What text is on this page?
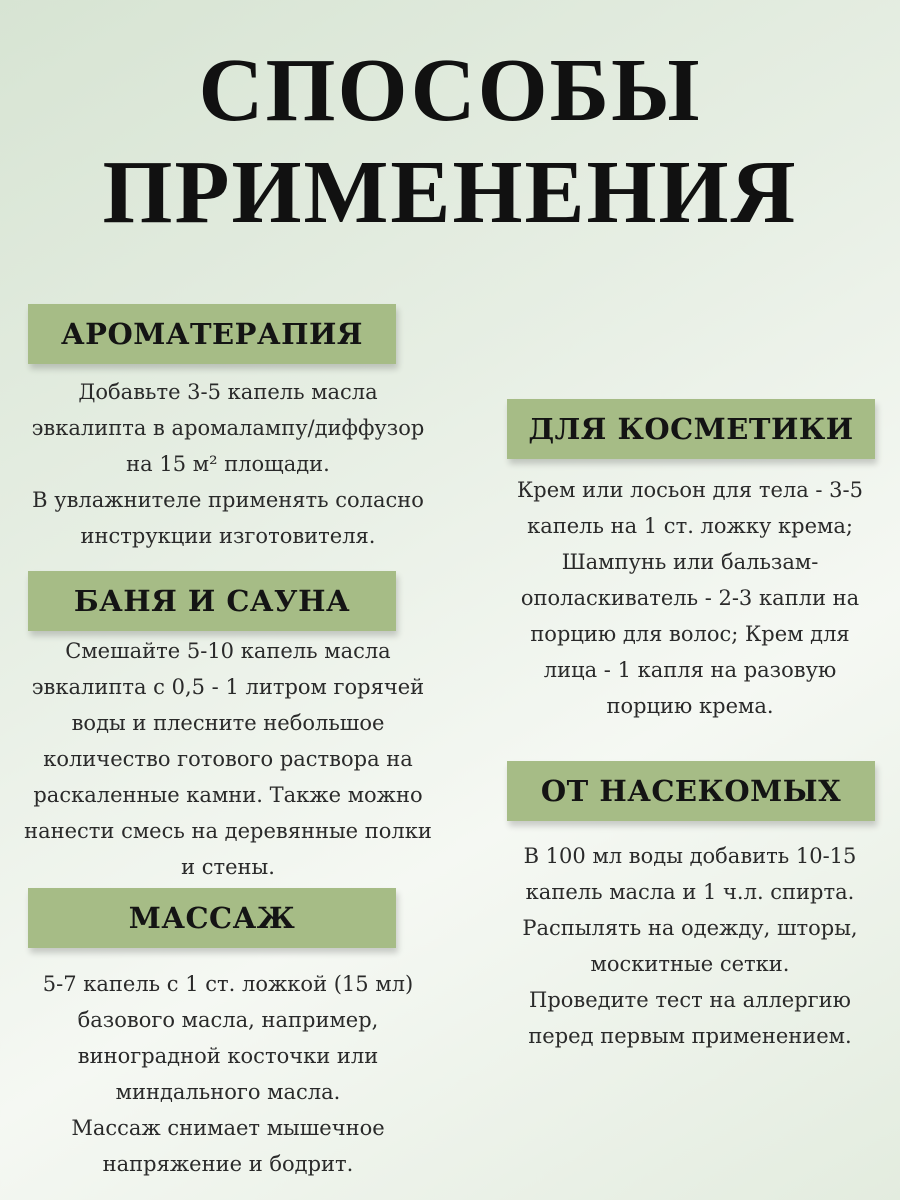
СПОСОБЫ
ПРИМЕНЕНИЯ
АРОМАТЕРАПИЯ
Добавьте 3-5 капель масла
эвкалипта в аромалампу/диффузор
на 15 м² площади.
В увлажнителе применять соласно
инструкции изготовителя.
БАНЯ И САУНА
Смешайте 5-10 капель масла
эвкалипта с 0,5 - 1 литром горячей
воды и плесните небольшое
количество готового раствора на
раскаленные камни. Также можно
нанести смесь на деревянные полки
и стены.
МАССАЖ
5-7 капель с 1 ст. ложкой (15 мл)
базового масла, например,
виноградной косточки или
миндального масла.
Массаж снимает мышечное
напряжение и бодрит.
ДЛЯ КОСМЕТИКИ
Крем или лосьон для тела - 3-5
капель на 1 ст. ложку крема;
Шампунь или бальзам-
ополаскиватель - 2-3 капли на
порцию для волос; Крем для
лица - 1 капля на разовую
порцию крема.
ОТ НАСЕКОМЫХ
В 100 мл воды добавить 10-15
капель масла и 1 ч.л. спирта.
Распылять на одежду, шторы,
москитные сетки.
Проведите тест на аллергию
перед первым применением.
